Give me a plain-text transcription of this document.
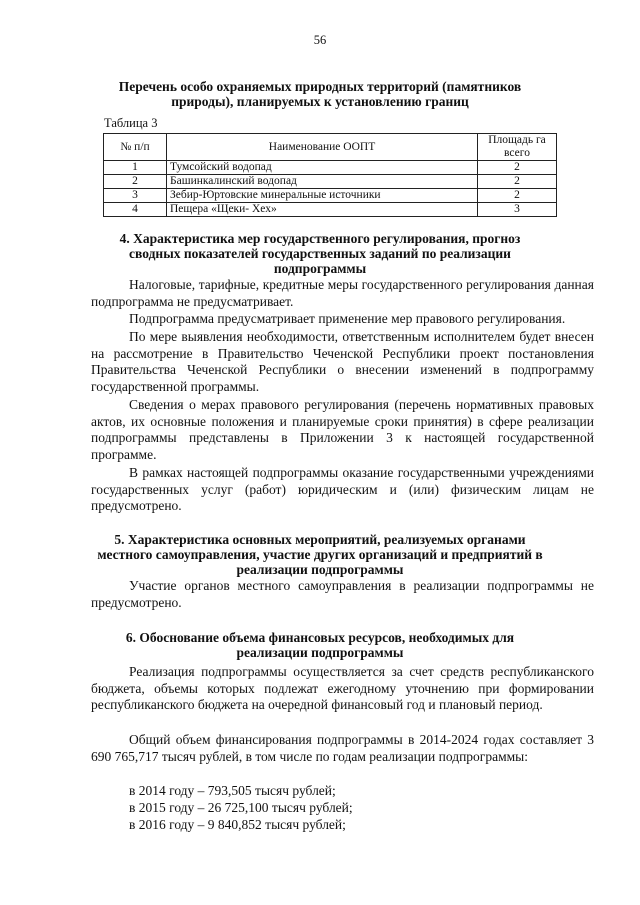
56
Перечень особо охраняемых природных территорий (памятников природы), планируемых к установлению границ
Таблица 3
№ п/п	Наименование ООПТ	Площадь га всего
1	Тумсойский водопад	2
2	Башинкалинский водопад	2
3	Зебир-Юртовские минеральные источники	2
4	Пещера «Щеки- Хех»	3
4. Характеристика мер государственного регулирования, прогноз сводных показателей государственных заданий по реализации подпрограммы

Налоговые, тарифные, кредитные меры государственного регулирования данная подпрограмма не предусматривает.

Подпрограмма предусматривает применение мер правового регулирования.

По мере выявления необходимости, ответственным исполнителем будет внесен на рассмотрение в Правительство Чеченской Республики проект постановления Правительства Чеченской Республики о внесении изменений в подпрограмму государственной программы.

Сведения о мерах правового регулирования (перечень нормативных правовых актов, их основные положения и планируемые сроки принятия) в сфере реализации подпрограммы представлены в Приложении 3 к настоящей государственной программе.

В рамках настоящей подпрограммы оказание государственными учреждениями государственных услуг (работ) юридическим и (или) физическим лицам не предусмотрено.

5. Характеристика основных мероприятий, реализуемых органами местного самоуправления, участие других организаций и предприятий в реализации подпрограммы

Участие органов местного самоуправления в реализации подпрограммы не предусмотрено.

6. Обоснование объема финансовых ресурсов, необходимых для реализации подпрограммы

Реализация подпрограммы осуществляется за счет средств республиканского бюджета, объемы которых подлежат ежегодному уточнению при формировании республиканского бюджета на очередной финансовый год и плановый период.

Общий объем финансирования подпрограммы в 2014-2024 годах составляет 3 690 765,717 тысяч рублей, в том числе по годам реализации подпрограммы:

в 2014 году – 793,505 тысяч рублей;
в 2015 году – 26 725,100 тысяч рублей;
в 2016 году – 9 840,852 тысяч рублей;
